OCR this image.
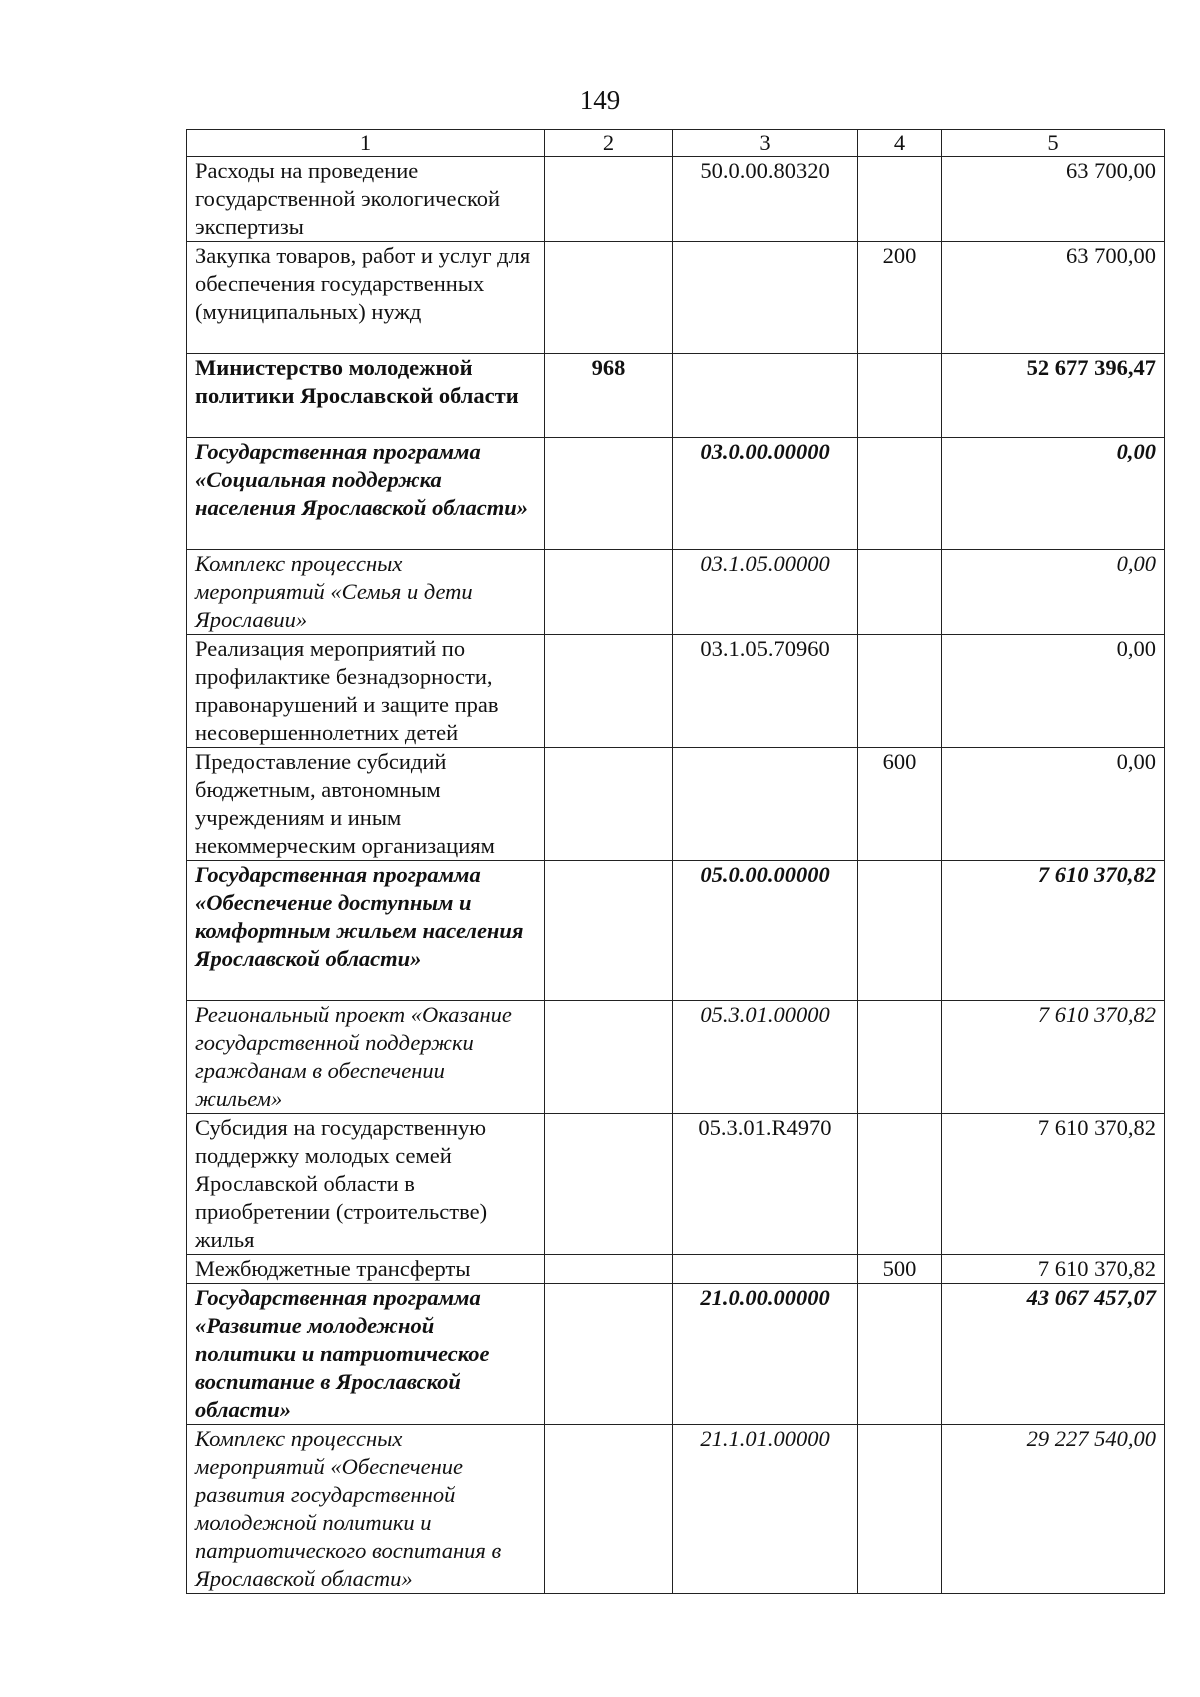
149
1	2	3	4	5
Расходы на проведение государственной экологической экспертизы		50.0.00.80320		63 700,00
Закупка товаров, работ и услуг для обеспечения государственных (муниципальных) нужд			200	63 700,00
Министерство молодежной политики Ярославской области	968			52 677 396,47
Государственная программа «Социальная поддержка населения Ярославской области»		03.0.00.00000		0,00
Комплекс процессных мероприятий «Семья и дети Ярославии»		03.1.05.00000		0,00
Реализация мероприятий по профилактике безнадзорности, правонарушений и защите прав несовершеннолетних детей		03.1.05.70960		0,00
Предоставление субсидий бюджетным, автономным учреждениям и иным некоммерческим организациям			600	0,00
Государственная программа «Обеспечение доступным и комфортным жильем населения Ярославской области»		05.0.00.00000		7 610 370,82
Региональный проект «Оказание государственной поддержки гражданам в обеспечении жильем»		05.3.01.00000		7 610 370,82
Субсидия на государственную поддержку молодых семей Ярославской области в приобретении (строительстве) жилья		05.3.01.R4970		7 610 370,82
Межбюджетные трансферты			500	7 610 370,82
Государственная программа «Развитие молодежной политики и патриотическое воспитание в Ярославской области»		21.0.00.00000		43 067 457,07
Комплекс процессных мероприятий «Обеспечение развития государственной молодежной политики и патриотического воспитания в Ярославской области»		21.1.01.00000		29 227 540,00
